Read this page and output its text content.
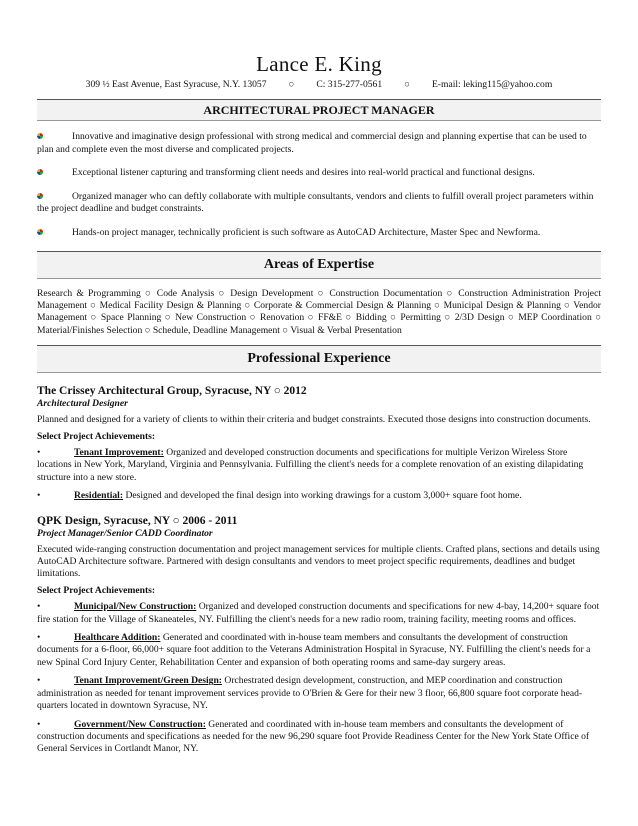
Lance E. King
309 ½ East Avenue, East Syracuse, N.Y. 13057 ○ C: 315-277-0561 ○ E-mail: leking115@yahoo.com
ARCHITECTURAL PROJECT MANAGER
Innovative and imaginative design professional with strong medical and commercial design and planning expertise that can be used to plan and complete even the most diverse and complicated projects.
Exceptional listener capturing and transforming client needs and desires into real-world practical and functional designs.
Organized manager who can deftly collaborate with multiple consultants, vendors and clients to fulfill overall project parameters within the project deadline and budget constraints.
Hands-on project manager, technically proficient is such software as AutoCAD Architecture, Master Spec and Newforma.
Areas of Expertise
Research & Programming ○ Code Analysis ○ Design Development ○ Construction Documentation ○ Construction Administration Project Management ○ Medical Facility Design & Planning ○ Corporate & Commercial Design & Planning ○ Municipal Design & Planning ○ Vendor Management ○ Space Planning ○ New Construction ○ Renovation ○ FF&E ○ Bidding ○ Permitting ○ 2/3D Design ○ MEP Coordination ○ Material/Finishes Selection ○ Schedule, Deadline Management ○ Visual & Verbal Presentation
Professional Experience
The Crissey Architectural Group, Syracuse, NY ○ 2012
Architectural Designer
Planned and designed for a variety of clients to within their criteria and budget constraints. Executed those designs into construction documents.
Select Project Achievements:
•	Tenant Improvement: Organized and developed construction documents and specifications for multiple Verizon Wireless Store locations in New York, Maryland, Virginia and Pennsylvania. Fulfilling the client's needs for a complete renovation of an existing dilapidating structure into a new store.
•	Residential: Designed and developed the final design into working drawings for a custom 3,000+ square foot home.
QPK Design, Syracuse, NY ○ 2006 - 2011
Project Manager/Senior CADD Coordinator
Executed wide-ranging construction documentation and project management services for multiple clients. Crafted plans, sections and details using AutoCAD Architecture software. Partnered with design consultants and vendors to meet project specific requirements, deadlines and budget limitations.
Select Project Achievements:
•	Municipal/New Construction: Organized and developed construction documents and specifications for new 4-bay, 14,200+ square foot fire station for the Village of Skaneateles, NY. Fulfilling the client's needs for a new radio room, training facility, meeting rooms and offices.
•	Healthcare Addition: Generated and coordinated with in-house team members and consultants the development of construction documents for a 6-floor, 66,000+ square foot addition to the Veterans Administration Hospital in Syracuse, NY. Fulfilling the client's needs for a new Spinal Cord Injury Center, Rehabilitation Center and expansion of both operating rooms and same-day surgery areas.
•	Tenant Improvement/Green Design: Orchestrated design development, construction, and MEP coordination and construction administration as needed for tenant improvement services provide to O'Brien & Gere for their new 3 floor, 66,800 square foot corporate head-quarters located in downtown Syracuse, NY.
•	Government/New Construction: Generated and coordinated with in-house team members and consultants the development of construction documents and specifications as needed for the new 96,290 square foot Provide Readiness Center for the New York State Office of General Services in Cortlandt Manor, NY.
